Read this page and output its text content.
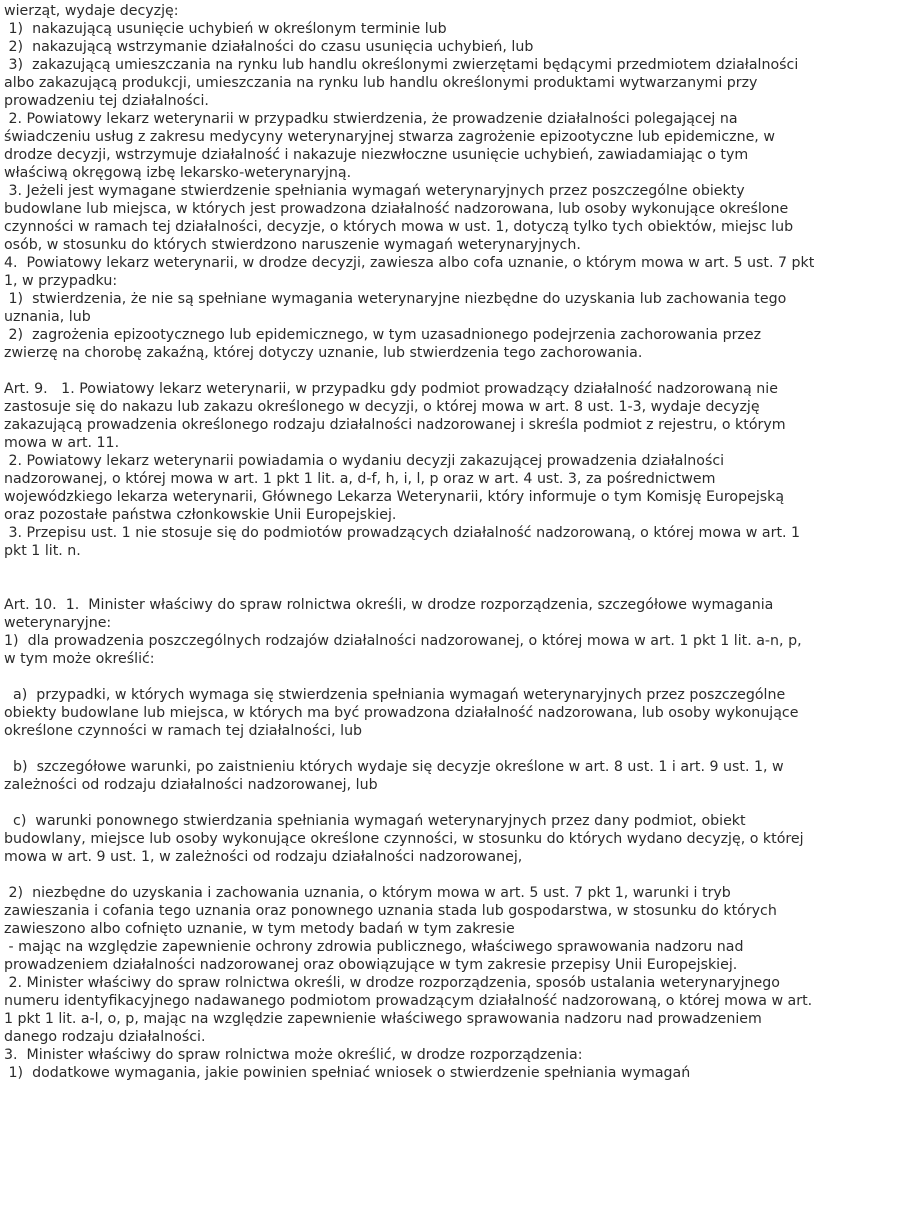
wierząt, wydaje decyzję:
1)  nakazującą usunięcie uchybień w określonym terminie lub
2)  nakazującą wstrzymanie działalności do czasu usunięcia uchybień, lub
3)  zakazującą umieszczania na rynku lub handlu określonymi zwierzętami będącymi przedmiotem działalności
albo zakazującą produkcji, umieszczania na rynku lub handlu określonymi produktami wytwarzanymi przy
prowadzeniu tej działalności.
2. Powiatowy lekarz weterynarii w przypadku stwierdzenia, że prowadzenie działalności polegającej na
świadczeniu usług z zakresu medycyny weterynaryjnej stwarza zagrożenie epizootyczne lub epidemiczne, w
drodze decyzji, wstrzymuje działalność i nakazuje niezwłoczne usunięcie uchybień, zawiadamiając o tym
właściwą okręgową izbę lekarsko-weterynaryjną.
3. Jeżeli jest wymagane stwierdzenie spełniania wymagań weterynaryjnych przez poszczególne obiekty
budowlane lub miejsca, w których jest prowadzona działalność nadzorowana, lub osoby wykonujące określone
czynności w ramach tej działalności, decyzje, o których mowa w ust. 1, dotyczą tylko tych obiektów, miejsc lub
osób, w stosunku do których stwierdzono naruszenie wymagań weterynaryjnych.
4.  Powiatowy lekarz weterynarii, w drodze decyzji, zawiesza albo cofa uznanie, o którym mowa w art. 5 ust. 7 pkt
1, w przypadku:
1)  stwierdzenia, że nie są spełniane wymagania weterynaryjne niezbędne do uzyskania lub zachowania tego
uznania, lub
2)  zagrożenia epizootycznego lub epidemicznego, w tym uzasadnionego podejrzenia zachorowania przez
zwierzę na chorobę zakaźną, której dotyczy uznanie, lub stwierdzenia tego zachorowania.
Art. 9.   1. Powiatowy lekarz weterynarii, w przypadku gdy podmiot prowadzący działalność nadzorowaną nie
zastosuje się do nakazu lub zakazu określonego w decyzji, o której mowa w art. 8 ust. 1-3, wydaje decyzję
zakazującą prowadzenia określonego rodzaju działalności nadzorowanej i skreśla podmiot z rejestru, o którym
mowa w art. 11.
2. Powiatowy lekarz weterynarii powiadamia o wydaniu decyzji zakazującej prowadzenia działalności
nadzorowanej, o której mowa w art. 1 pkt 1 lit. a, d-f, h, i, l, p oraz w art. 4 ust. 3, za pośrednictwem
wojewódzkiego lekarza weterynarii, Głównego Lekarza Weterynarii, który informuje o tym Komisję Europejską
oraz pozostałe państwa członkowskie Unii Europejskiej.
3. Przepisu ust. 1 nie stosuje się do podmiotów prowadzących działalność nadzorowaną, o której mowa w art. 1
pkt 1 lit. n.
Art. 10.  1.  Minister właściwy do spraw rolnictwa określi, w drodze rozporządzenia, szczegółowe wymagania
weterynaryjne:
1)  dla prowadzenia poszczególnych rodzajów działalności nadzorowanej, o której mowa w art. 1 pkt 1 lit. a-n, p,
w tym może określić:
a)  przypadki, w których wymaga się stwierdzenia spełniania wymagań weterynaryjnych przez poszczególne
obiekty budowlane lub miejsca, w których ma być prowadzona działalność nadzorowana, lub osoby wykonujące
określone czynności w ramach tej działalności, lub
b)  szczegółowe warunki, po zaistnieniu których wydaje się decyzje określone w art. 8 ust. 1 i art. 9 ust. 1, w
zależności od rodzaju działalności nadzorowanej, lub
c)  warunki ponownego stwierdzania spełniania wymagań weterynaryjnych przez dany podmiot, obiekt
budowlany, miejsce lub osoby wykonujące określone czynności, w stosunku do których wydano decyzję, o której
mowa w art. 9 ust. 1, w zależności od rodzaju działalności nadzorowanej,
2)  niezbędne do uzyskania i zachowania uznania, o którym mowa w art. 5 ust. 7 pkt 1, warunki i tryb
zawieszania i cofania tego uznania oraz ponownego uznania stada lub gospodarstwa, w stosunku do których
zawieszono albo cofnięto uznanie, w tym metody badań w tym zakresie
- mając na względzie zapewnienie ochrony zdrowia publicznego, właściwego sprawowania nadzoru nad
prowadzeniem działalności nadzorowanej oraz obowiązujące w tym zakresie przepisy Unii Europejskiej.
2. Minister właściwy do spraw rolnictwa określi, w drodze rozporządzenia, sposób ustalania weterynaryjnego
numeru identyfikacyjnego nadawanego podmiotom prowadzącym działalność nadzorowaną, o której mowa w art.
1 pkt 1 lit. a-l, o, p, mając na względzie zapewnienie właściwego sprawowania nadzoru nad prowadzeniem
danego rodzaju działalności.
3.  Minister właściwy do spraw rolnictwa może określić, w drodze rozporządzenia:
1)  dodatkowe wymagania, jakie powinien spełniać wniosek o stwierdzenie spełniania wymagań
